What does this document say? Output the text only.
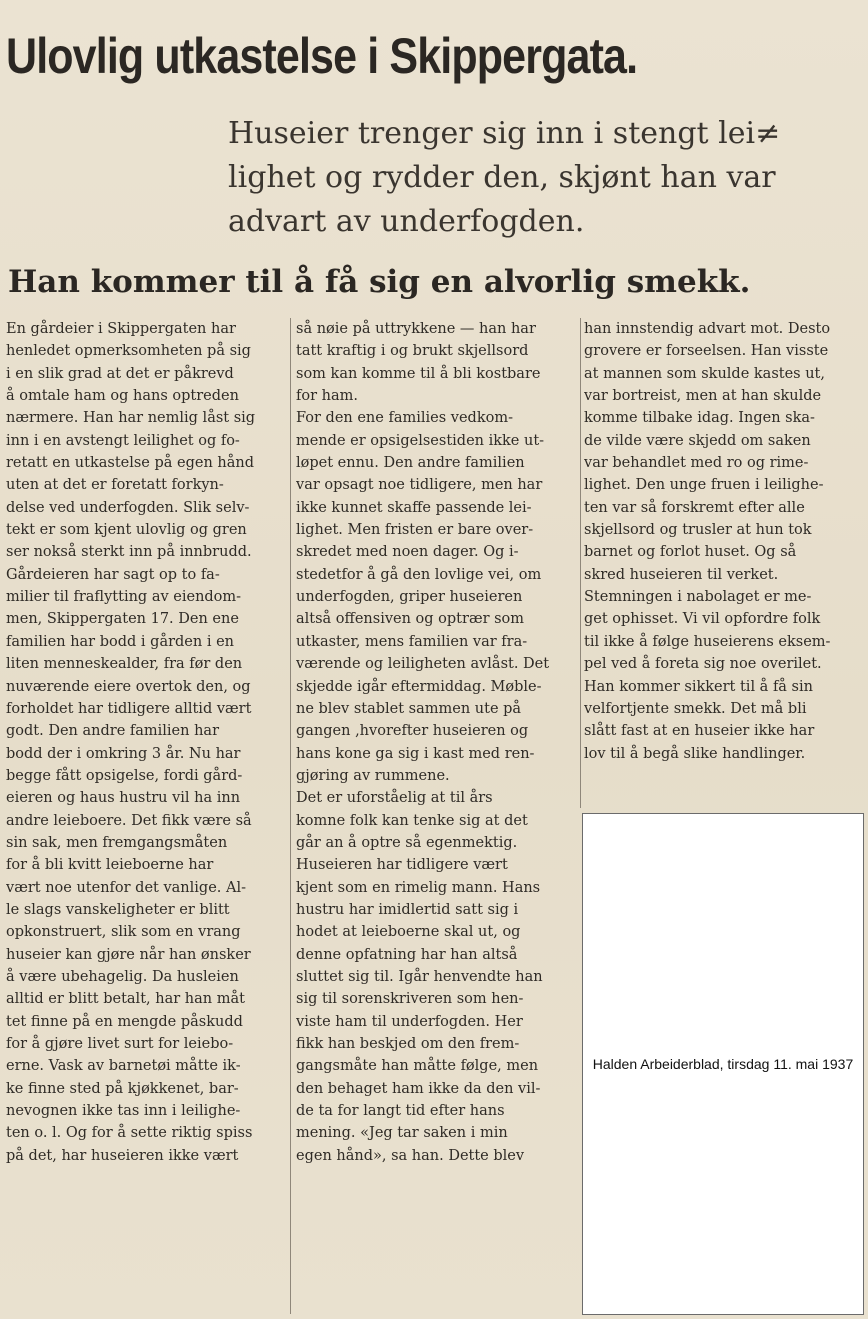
Ulovlig utkastelse i Skippergata.
Huseier trenger sig inn i stengt lei≠
lighet og rydder den, skjønt han var
advart av underfogden.
Han kommer til å få sig en alvorlig smekk.
En gårdeier i Skippergaten har
henledet opmerksomheten på sig
i en slik grad at det er påkrevd
å omtale ham og hans optreden
nærmere. Han har nemlig låst sig
inn i en avstengt leilighet og fo-
retatt en utkastelse på egen hånd
uten at det er foretatt forkyn-
delse ved underfogden. Slik selv-
tekt er som kjent ulovlig og gren
ser nokså sterkt inn på innbrudd.
Gårdeieren har sagt op to fa-
milier til fraflytting av eiendom-
men, Skippergaten 17. Den ene
familien har bodd i gården i en
liten menneskealder, fra før den
nuværende eiere overtok den, og
forholdet har tidligere alltid vært
godt. Den andre familien har
bodd der i omkring 3 år. Nu har
begge fått opsigelse, fordi gård-
eieren og haus hustru vil ha inn
andre leieboere. Det fikk være så
sin sak, men fremgangsmåten
for å bli kvitt leieboerne har
vært noe utenfor det vanlige. Al-
le slags vanskeligheter er blitt
opkonstruert, slik som en vrang
huseier kan gjøre når han ønsker
å være ubehagelig. Da husleien
alltid er blitt betalt, har han måt
tet finne på en mengde påskudd
for å gjøre livet surt for leiebo-
erne. Vask av barnetøi måtte ik-
ke finne sted på kjøkkenet, bar-
nevognen ikke tas inn i leilighe-
ten o. l. Og for å sette riktig spiss
på det, har huseieren ikke vært
så nøie på uttrykkene — han har
tatt kraftig i og brukt skjellsord
som kan komme til å bli kostbare
for ham.
For den ene families vedkom-
mende er opsigelsestiden ikke ut-
løpet ennu. Den andre familien
var opsagt noe tidligere, men har
ikke kunnet skaffe passende lei-
lighet. Men fristen er bare over-
skredet med noen dager. Og i-
stedetfor å gå den lovlige vei, om
underfogden, griper huseieren
altså offensiven og optrær som
utkaster, mens familien var fra-
værende og leiligheten avlåst. Det
skjedde igår eftermiddag. Møble-
ne blev stablet sammen ute på
gangen ,hvorefter huseieren og
hans kone ga sig i kast med ren-
gjøring av rummene.
Det er uforståelig at til års
komne folk kan tenke sig at det
går an å optre så egenmektig.
Huseieren har tidligere vært
kjent som en rimelig mann. Hans
hustru har imidlertid satt sig i
hodet at leieboerne skal ut, og
denne opfatning har han altså
sluttet sig til. Igår henvendte han
sig til sorenskriveren som hen-
viste ham til underfogden. Her
fikk han beskjed om den frem-
gangsmåte han måtte følge, men
den behaget ham ikke da den vil-
de ta for langt tid efter hans
mening. «Jeg tar saken i min
egen hånd», sa han. Dette blev
han innstendig advart mot. Desto
grovere er forseelsen. Han visste
at mannen som skulde kastes ut,
var bortreist, men at han skulde
komme tilbake idag. Ingen ska-
de vilde være skjedd om saken
var behandlet med ro og rime-
lighet. Den unge fruen i leilighe-
ten var så forskremt efter alle
skjellsord og trusler at hun tok
barnet og forlot huset. Og så
skred huseieren til verket.
Stemningen i nabolaget er me-
get ophisset. Vi vil opfordre folk
til ikke å følge huseierens eksem-
pel ved å foreta sig noe overilet.
Han kommer sikkert til å få sin
velfortjente smekk. Det må bli
slått fast at en huseier ikke har
lov til å begå slike handlinger.
Halden Arbeiderblad, tirsdag 11. mai 1937
